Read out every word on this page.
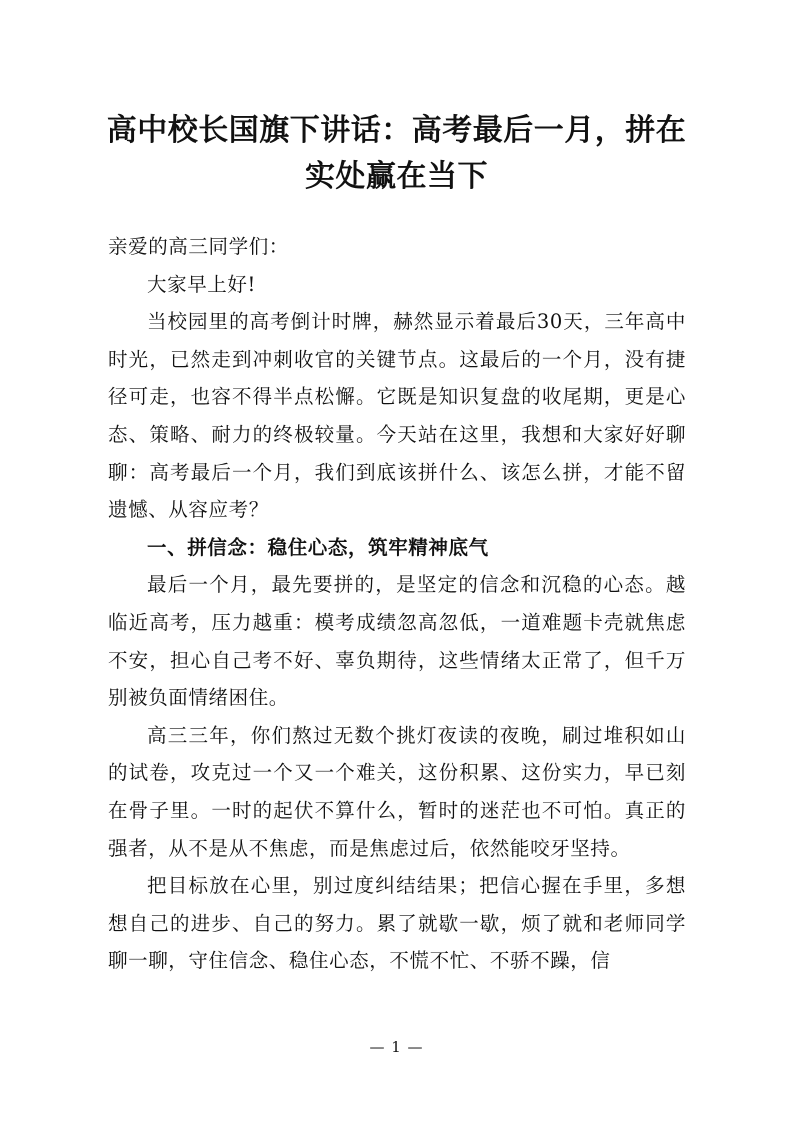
高中校长国旗下讲话：高考最后一月，拼在实处赢在当下

亲爱的高三同学们：

大家早上好!

当校园里的高考倒计时牌，赫然显示着最后30天，三年高中时光，已然走到冲刺收官的关键节点。这最后的一个月，没有捷径可走，也容不得半点松懈。它既是知识复盘的收尾期，更是心态、策略、耐力的终极较量。今天站在这里，我想和大家好好聊聊：高考最后一个月，我们到底该拼什么、该怎么拼，才能不留遗憾、从容应考？

一、拼信念：稳住心态，筑牢精神底气

最后一个月，最先要拼的，是坚定的信念和沉稳的心态。越临近高考，压力越重：模考成绩忽高忽低，一道难题卡壳就焦虑不安，担心自己考不好、辜负期待，这些情绪太正常了，但千万别被负面情绪困住。

高三三年，你们熬过无数个挑灯夜读的夜晚，刷过堆积如山的试卷，攻克过一个又一个难关，这份积累、这份实力，早已刻在骨子里。一时的起伏不算什么，暂时的迷茫也不可怕。真正的强者，从不是从不焦虑，而是焦虑过后，依然能咬牙坚持。

把目标放在心里，别过度纠结结果；把信心握在手里，多想想自己的进步、自己的努力。累了就歇一歇，烦了就和老师同学聊一聊，守住信念、稳住心态，不慌不忙、不骄不躁，信

— 1 —
